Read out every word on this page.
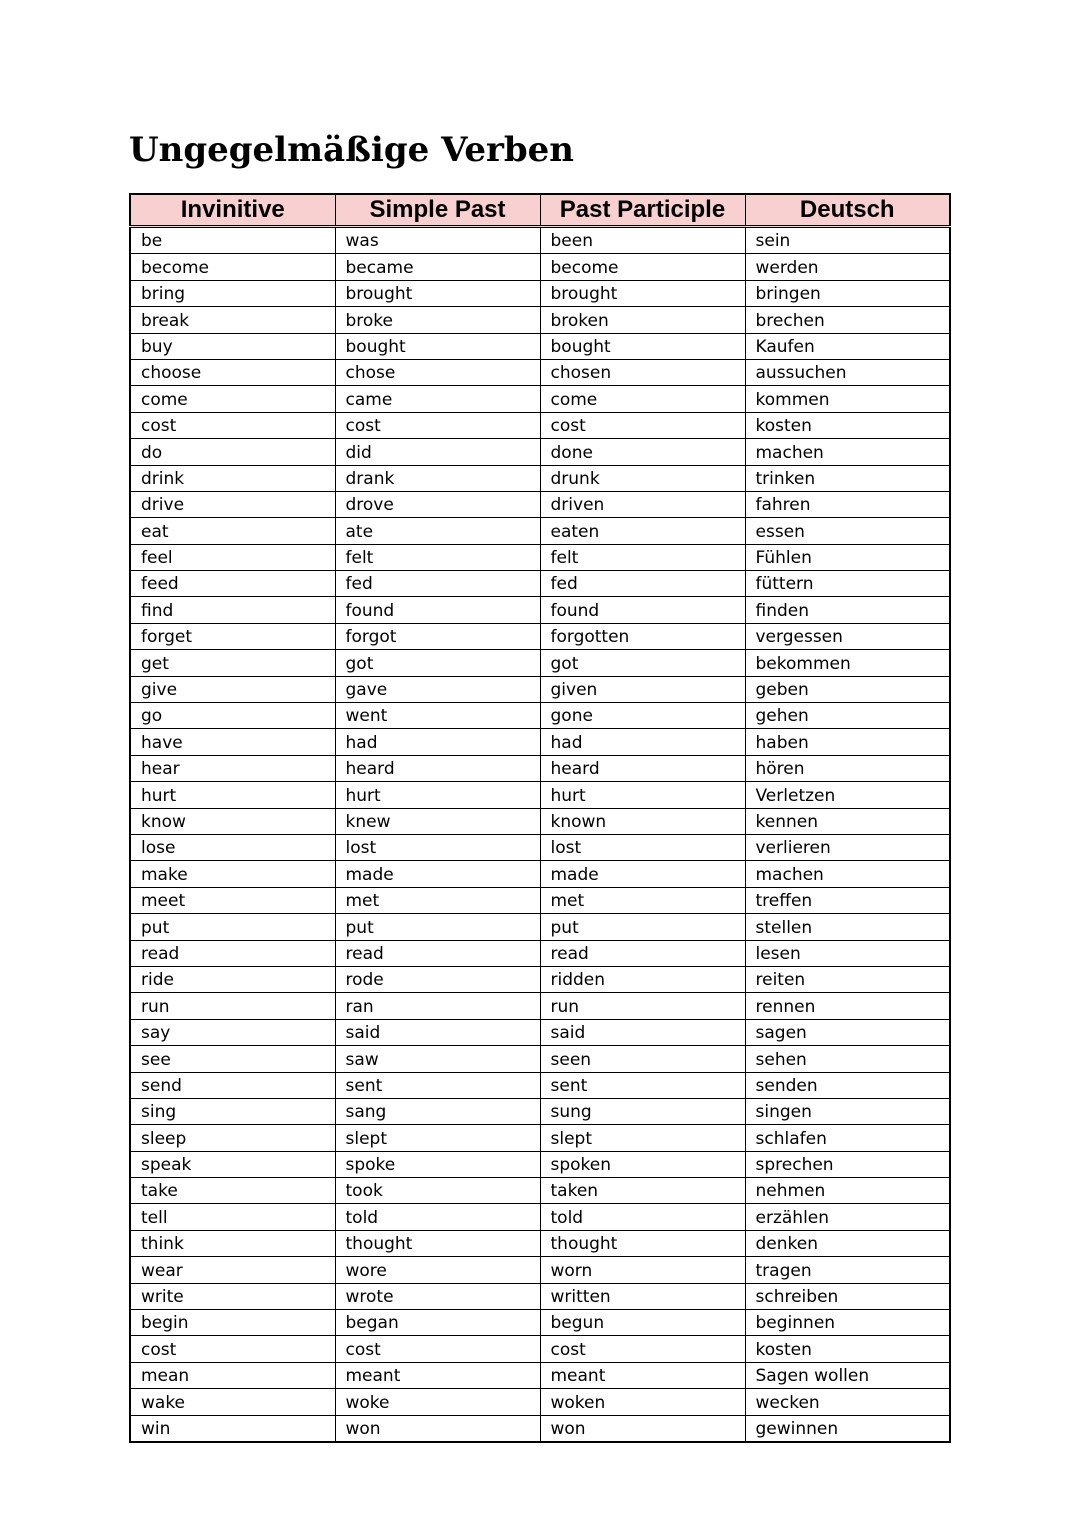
Ungegelmäßige Verben
Invinitive	Simple Past	Past Participle	Deutsch
be	was	been	sein
become	became	become	werden
bring	brought	brought	bringen
break	broke	broken	brechen
buy	bought	bought	Kaufen
choose	chose	chosen	aussuchen
come	came	come	kommen
cost	cost	cost	kosten
do	did	done	machen
drink	drank	drunk	trinken
drive	drove	driven	fahren
eat	ate	eaten	essen
feel	felt	felt	Fühlen
feed	fed	fed	füttern
find	found	found	finden
forget	forgot	forgotten	vergessen
get	got	got	bekommen
give	gave	given	geben
go	went	gone	gehen
have	had	had	haben
hear	heard	heard	hören
hurt	hurt	hurt	Verletzen
know	knew	known	kennen
lose	lost	lost	verlieren
make	made	made	machen
meet	met	met	treffen
put	put	put	stellen
read	read	read	lesen
ride	rode	ridden	reiten
run	ran	run	rennen
say	said	said	sagen
see	saw	seen	sehen
send	sent	sent	senden
sing	sang	sung	singen
sleep	slept	slept	schlafen
speak	spoke	spoken	sprechen
take	took	taken	nehmen
tell	told	told	erzählen
think	thought	thought	denken
wear	wore	worn	tragen
write	wrote	written	schreiben
begin	began	begun	beginnen
cost	cost	cost	kosten
mean	meant	meant	Sagen wollen
wake	woke	woken	wecken
win	won	won	gewinnen
